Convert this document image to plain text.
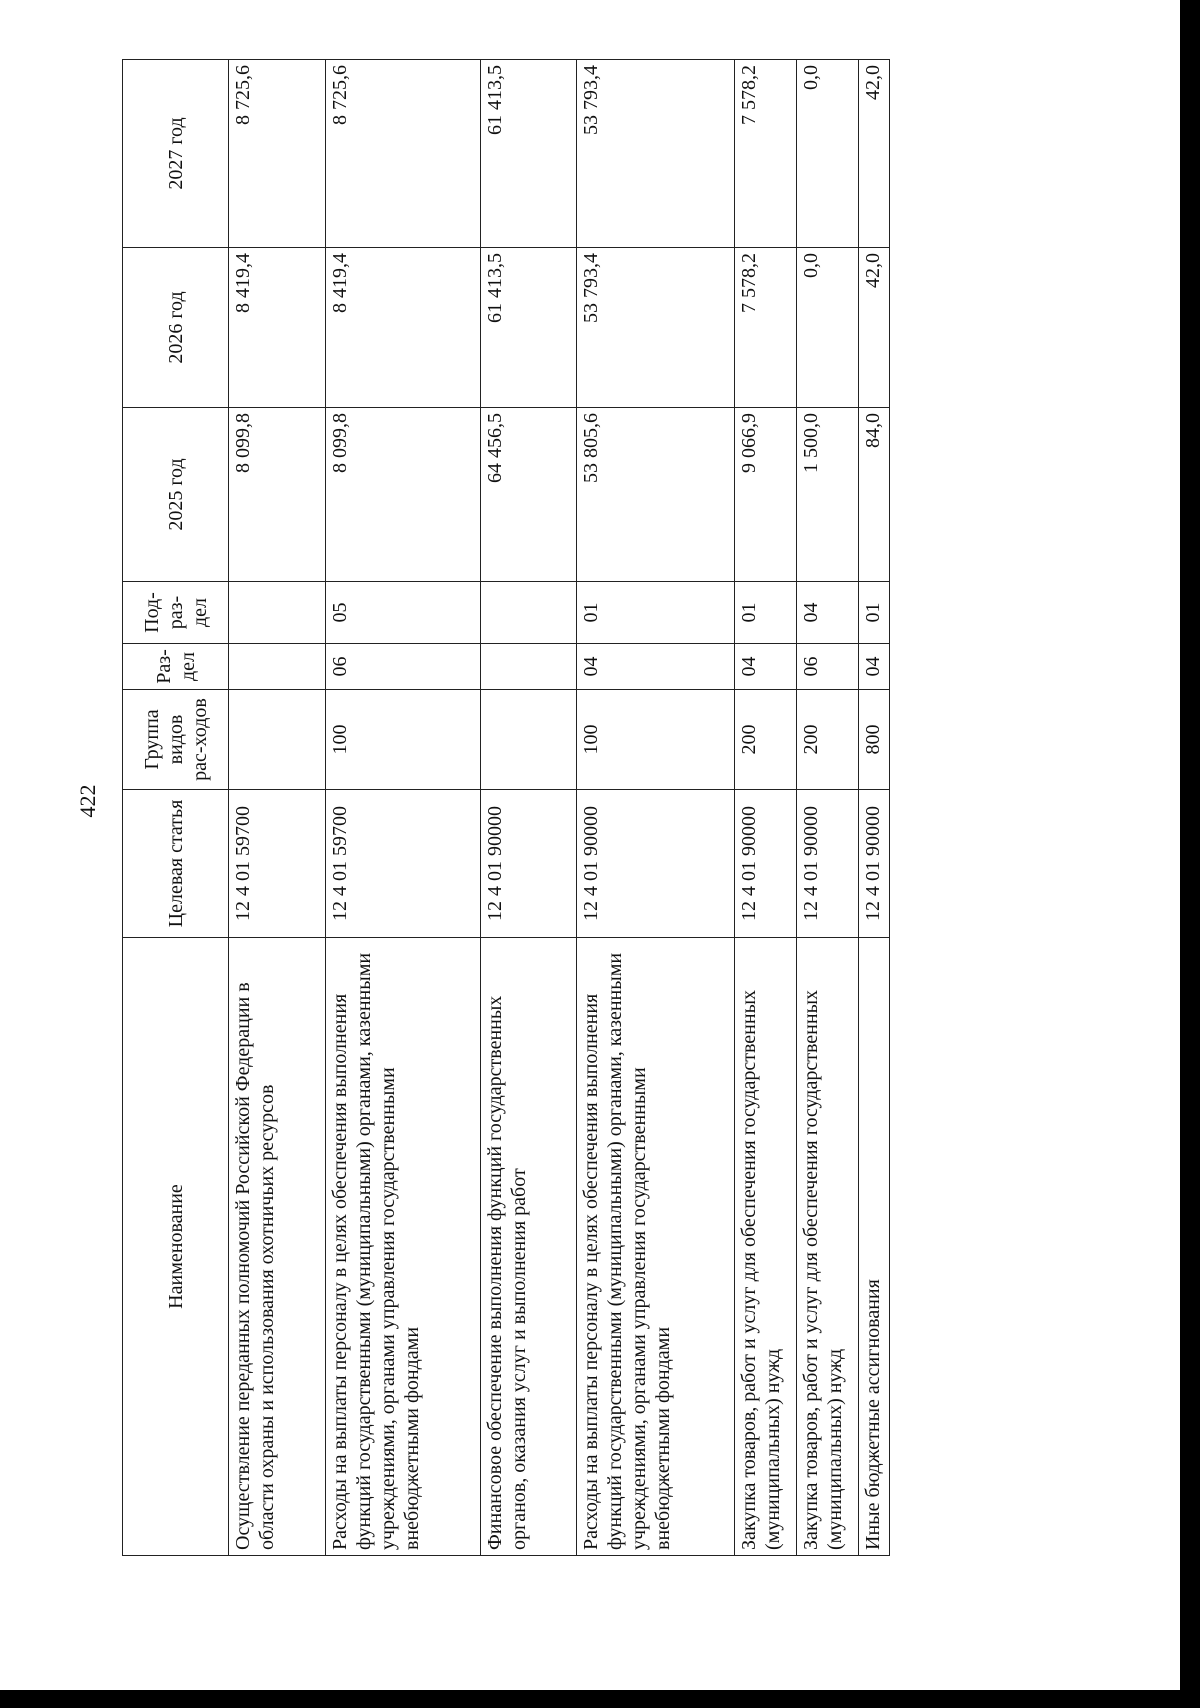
422
Наименование	Целевая статья	Группа видов рас-ходов	Раз-дел	Под-раз-дел	2025 год	2026 год	2027 год
Осуществление переданных полномочий Российской Федерации в области охраны и использования охотничьих ресурсов	12 4 01 59700				8 099,8	8 419,4	8 725,6
Расходы на выплаты персоналу в целях обеспечения выполнения функций государственными (муниципальными) органами, казенными учреждениями, органами управления государственными внебюджетными фондами	12 4 01 59700	100	06	05	8 099,8	8 419,4	8 725,6
Финансовое обеспечение выполнения функций государственных органов, оказания услуг и выполнения работ	12 4 01 90000				64 456,5	61 413,5	61 413,5
Расходы на выплаты персоналу в целях обеспечения выполнения функций государственными (муниципальными) органами, казенными учреждениями, органами управления государственными внебюджетными фондами	12 4 01 90000	100	04	01	53 805,6	53 793,4	53 793,4
Закупка товаров, работ и услуг для обеспечения государственных (муниципальных) нужд	12 4 01 90000	200	04	01	9 066,9	7 578,2	7 578,2
Закупка товаров, работ и услуг для обеспечения государственных (муниципальных) нужд	12 4 01 90000	200	06	04	1 500,0	0,0	0,0
Иные бюджетные ассигнования	12 4 01 90000	800	04	01	84,0	42,0	42,0
